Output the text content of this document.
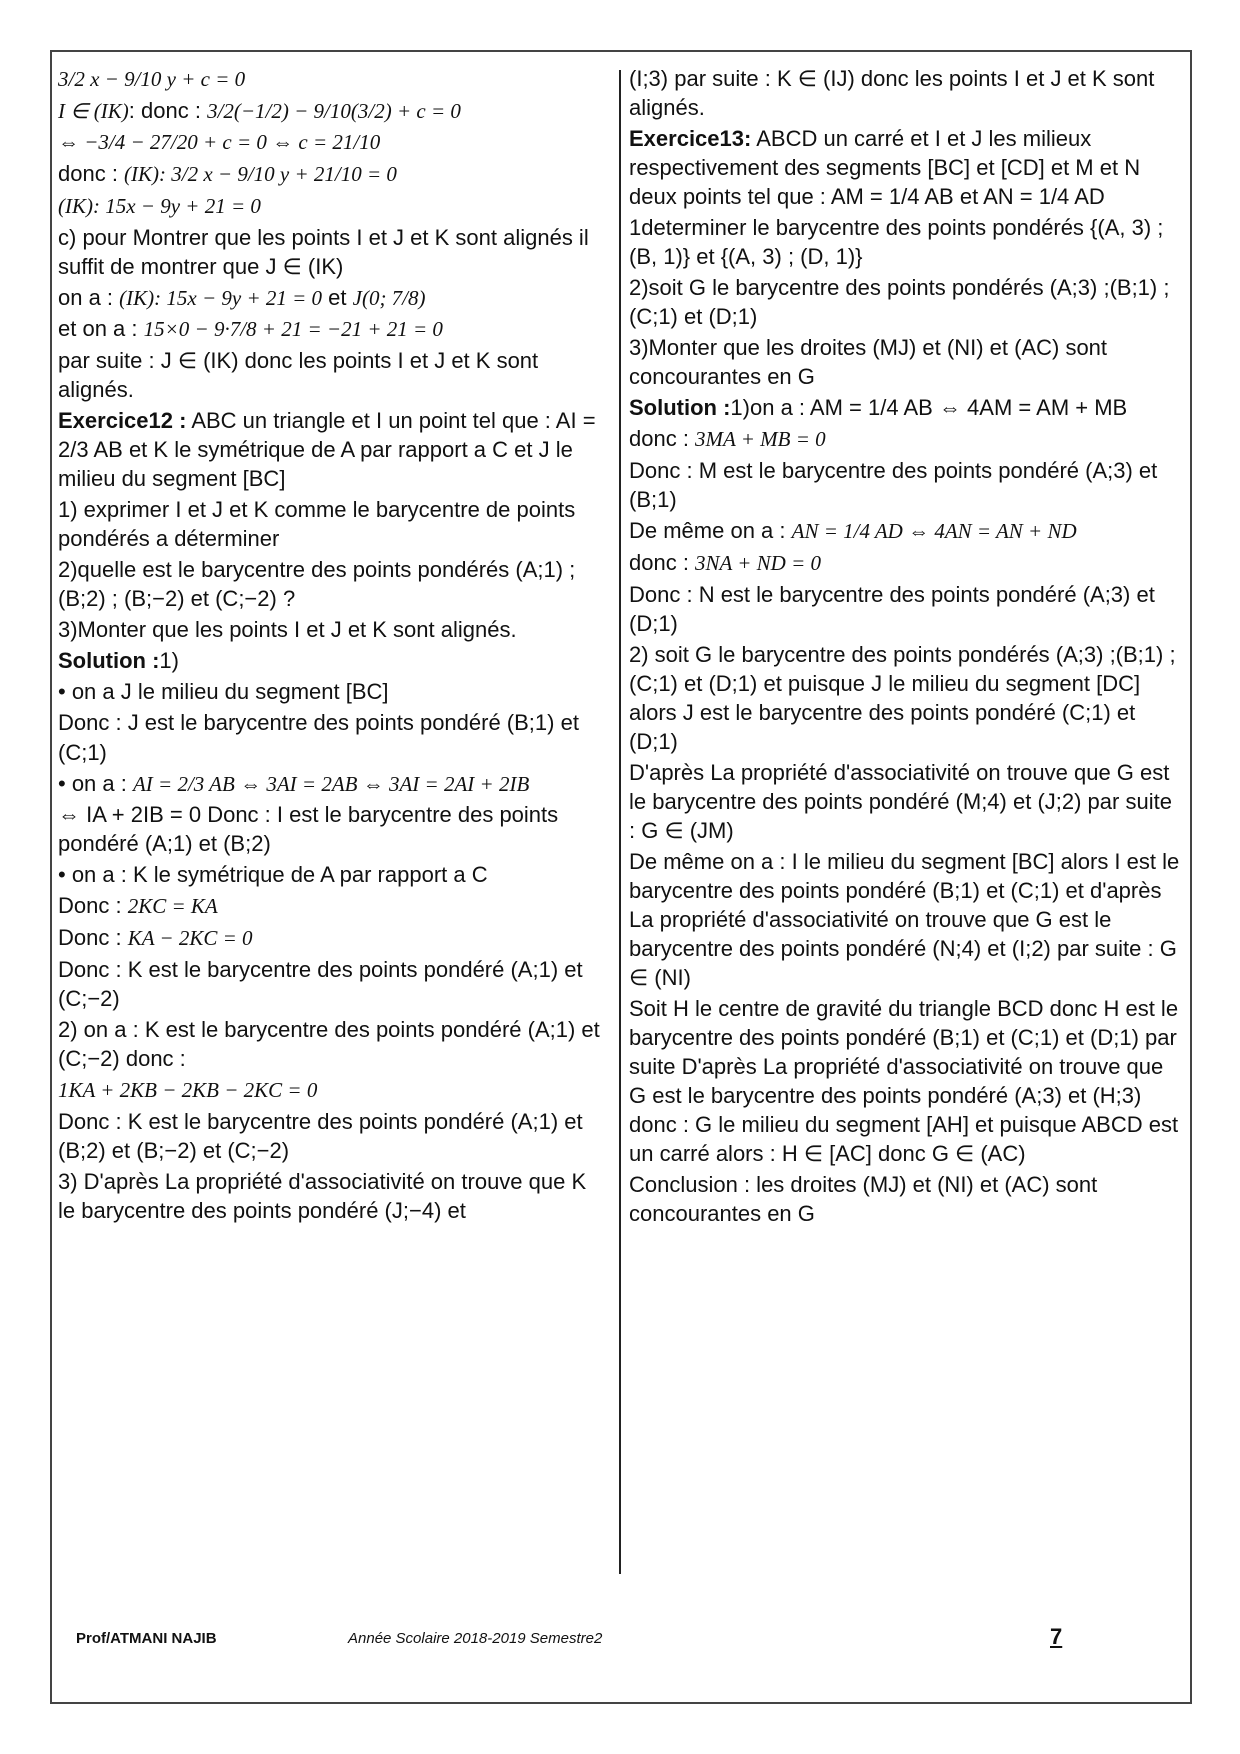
3/2 x − 9/10 y + c = 0

I ∈ (IK): donc : 3/2(−1/2) − 9/10(3/2) + c = 0

⇔ −3/4 − 27/20 + c = 0 ⇔ c = 21/10

donc : (IK): 3/2 x − 9/10 y + 21/10 = 0

(IK): 15x − 9y + 21 = 0

c) pour Montrer que les points I et J et K sont alignés il suffit de montrer que J ∈ (IK)

on a : (IK): 15x − 9y + 21 = 0 et J(0; 7/8)

et on a : 15×0 − 9·7/8 + 21 = −21 + 21 = 0

par suite : J ∈ (IK) donc les points I et J et K sont alignés.

Exercice12 : ABC un triangle et I un point tel que : AI = 2/3 AB et K le symétrique de A par rapport a C et J le milieu du segment [BC]

1) exprimer I et J et K comme le barycentre de points pondérés a déterminer

2)quelle est le barycentre des points pondérés (A;1) ;(B;2) ; (B;−2) et (C;−2) ?

3)Monter que les points I et J et K sont alignés.

Solution :1)

• on a J le milieu du segment [BC]

Donc : J est le barycentre des points pondéré (B;1) et (C;1)

• on a : AI = 2/3 AB ⇔ 3AI = 2AB ⇔ 3AI = 2AI + 2IB

⇔ IA + 2IB = 0 Donc : I est le barycentre des points pondéré (A;1) et (B;2)

• on a : K le symétrique de A par rapport a C

Donc : 2KC = KA

Donc : KA − 2KC = 0

Donc : K est le barycentre des points pondéré (A;1) et (C;−2)

2) on a : K est le barycentre des points pondéré (A;1) et (C;−2) donc :

1KA + 2KB − 2KB − 2KC = 0

Donc : K est le barycentre des points pondéré (A;1) et (B;2) et (B;−2) et (C;−2)

3) D'après La propriété d'associativité on trouve que K le barycentre des points pondéré (J;−4) et

(I;3) par suite : K ∈ (IJ) donc les points I et J et K sont alignés.

Exercice13: ABCD un carré et I et J les milieux respectivement des segments [BC] et [CD] et M et N deux points tel que : AM = 1/4 AB et AN = 1/4 AD

1determiner le barycentre des points pondérés {(A, 3) ; (B, 1)} et {(A, 3) ; (D, 1)}

2)soit G le barycentre des points pondérés (A;3) ;(B;1) ; (C;1) et (D;1)

3)Monter que les droites (MJ) et (NI) et (AC) sont concourantes en G

Solution :1)on a : AM = 1/4 AB ⇔ 4AM = AM + MB

donc : 3MA + MB = 0

Donc : M est le barycentre des points pondéré (A;3) et (B;1)

De même on a : AN = 1/4 AD ⇔ 4AN = AN + ND

donc : 3NA + ND = 0

Donc : N est le barycentre des points pondéré (A;3) et (D;1)

2) soit G le barycentre des points pondérés (A;3) ;(B;1) ; (C;1) et (D;1) et puisque J le milieu du segment [DC] alors J est le barycentre des points pondéré (C;1) et (D;1)

D'après La propriété d'associativité on trouve que G est le barycentre des points pondéré (M;4) et (J;2) par suite : G ∈ (JM)

De même on a : I le milieu du segment [BC] alors I est le barycentre des points pondéré (B;1) et (C;1) et d'après La propriété d'associativité on trouve que G est le barycentre des points pondéré (N;4) et (I;2) par suite : G ∈ (NI)

Soit H le centre de gravité du triangle BCD donc H est le barycentre des points pondéré (B;1) et (C;1) et (D;1) par suite D'après La propriété d'associativité on trouve que G est le barycentre des points pondéré (A;3) et (H;3) donc : G le milieu du segment [AH] et puisque ABCD est un carré alors : H ∈ [AC] donc G ∈ (AC)

Conclusion : les droites (MJ) et (NI) et (AC) sont concourantes en G

Prof/ATMANI NAJIB	Année Scolaire 2018-2019 Semestre2	7
